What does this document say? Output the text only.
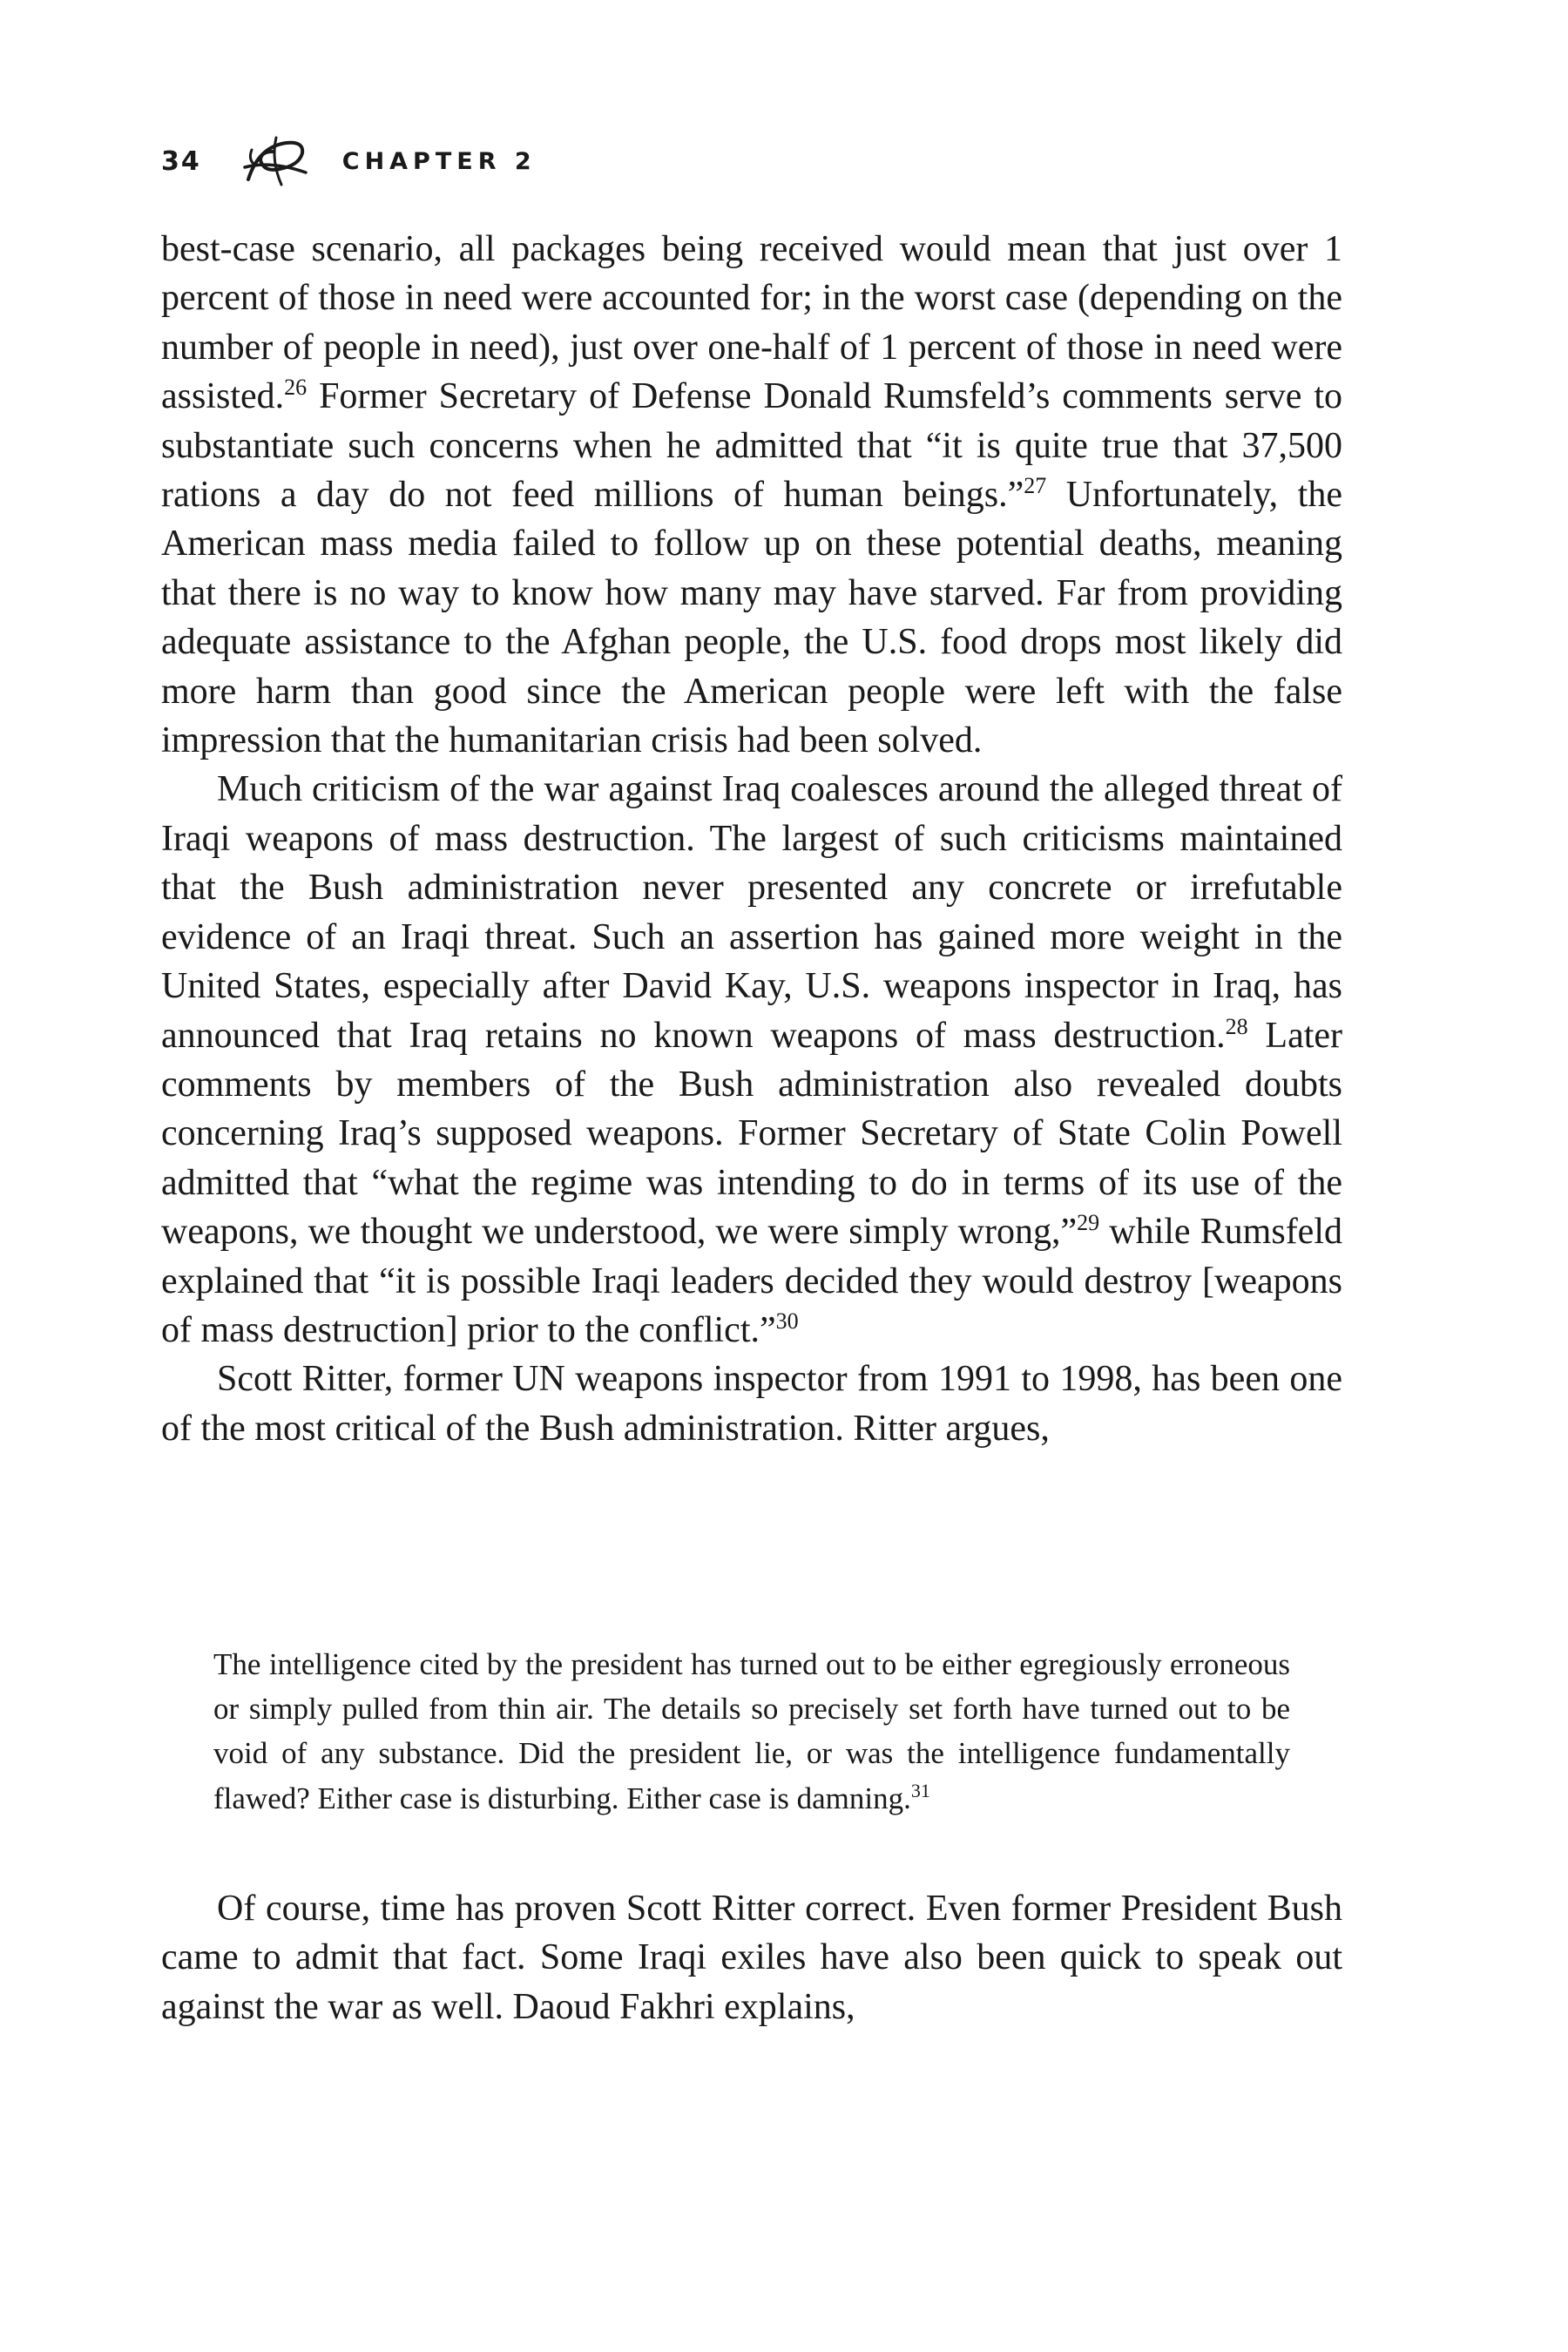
34	CHAPTER 2

best-case scenario, all packages being received would mean that just over 1 percent of those in need were accounted for; in the worst case (depending on the number of people in need), just over one-half of 1 percent of those in need were assisted.$^{26}$ Former Secretary of Defense Donald Rumsfeld’s comments serve to substantiate such concerns when he admitted that “it is quite true that 37,500 rations a day do not feed millions of human beings.”$^{27}$ Unfortunately, the American mass media failed to follow up on these potential deaths, meaning that there is no way to know how many may have starved. Far from providing adequate assistance to the Afghan people, the U.S. food drops most likely did more harm than good since the American people were left with the false impression that the humanitarian crisis had been solved.

Much criticism of the war against Iraq coalesces around the alleged threat of Iraqi weapons of mass destruction. The largest of such criticisms maintained that the Bush administration never presented any concrete or irrefutable evidence of an Iraqi threat. Such an assertion has gained more weight in the United States, especially after David Kay, U.S. weapons inspector in Iraq, has announced that Iraq retains no known weapons of mass destruction.$^{28}$ Later comments by members of the Bush administration also revealed doubts concerning Iraq’s supposed weapons. Former Secretary of State Colin Powell admitted that “what the regime was intending to do in terms of its use of the weapons, we thought we understood, we were simply wrong,”$^{29}$ while Rumsfeld explained that “it is possible Iraqi leaders decided they would destroy [weapons of mass destruction] prior to the conflict.”$^{30}$

Scott Ritter, former UN weapons inspector from 1991 to 1998, has been one of the most critical of the Bush administration. Ritter argues,

The intelligence cited by the president has turned out to be either egregiously erroneous or simply pulled from thin air. The details so precisely set forth have turned out to be void of any substance. Did the president lie, or was the intelligence fundamentally flawed? Either case is disturbing. Either case is damning.$^{31}$

Of course, time has proven Scott Ritter correct. Even former President Bush came to admit that fact. Some Iraqi exiles have also been quick to speak out against the war as well. Daoud Fakhri explains,
